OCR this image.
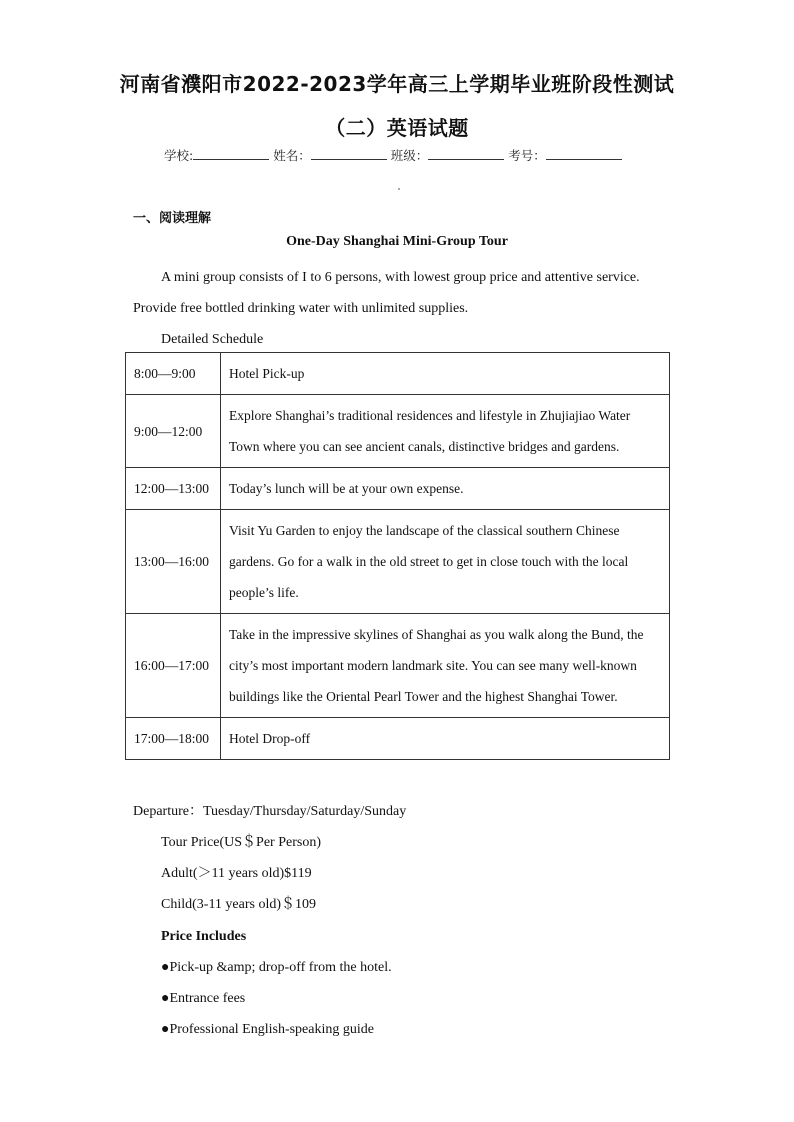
河南省濮阳市2022-2023学年高三上学期毕业班阶段性测试
（二）英语试题
学校:	姓名：	班级：	考号：
一、阅读理解
One-Day Shanghai Mini-Group Tour
A mini group consists of I to 6 persons, with lowest group price and attentive service.
Provide free bottled drinking water with unlimited supplies.
Detailed Schedule
8:00—9:00	Hotel Pick-up
9:00—12:00	Explore Shanghai’s traditional residences and lifestyle in Zhujiajiao Water Town where you can see ancient canals, distinctive bridges and gardens.
12:00—13:00	Today’s lunch will be at your own expense.
13:00—16:00	Visit Yu Garden to enjoy the landscape of the classical southern Chinese gardens. Go for a walk in the old street to get in close touch with the local people’s life.
16:00—17:00	Take in the impressive skylines of Shanghai as you walk along the Bund, the city’s most important modern landmark site. You can see many well-known buildings like the Oriental Pearl Tower and the highest Shanghai Tower.
17:00—18:00	Hotel Drop-off
Departure：Tuesday/Thursday/Saturday/Sunday
Tour Price(US＄Per Person)
Adult(＞11 years old)$119
Child(3-11 years old)＄109
Price Includes
●Pick-up &amp; drop-off from the hotel.
●Entrance fees
●Professional English-speaking guide
